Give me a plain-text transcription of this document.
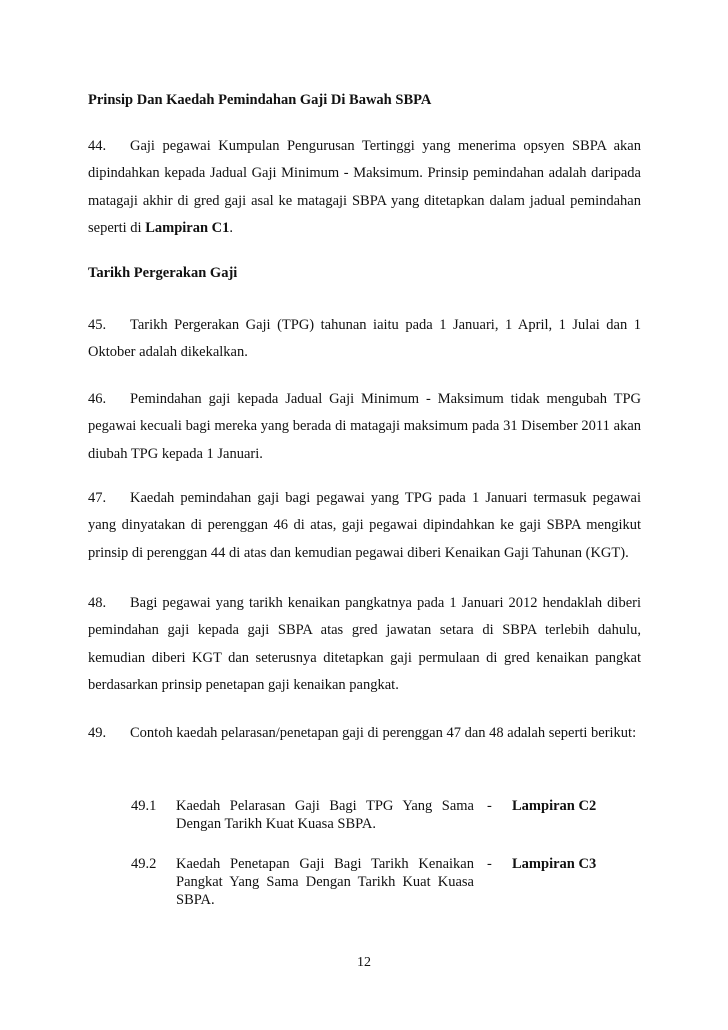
Prinsip Dan Kaedah Pemindahan Gaji Di Bawah SBPA

44. Gaji pegawai Kumpulan Pengurusan Tertinggi yang menerima opsyen SBPA akan dipindahkan kepada Jadual Gaji Minimum - Maksimum. Prinsip pemindahan adalah daripada matagaji akhir di gred gaji asal ke matagaji SBPA yang ditetapkan dalam jadual pemindahan seperti di Lampiran C1.

Tarikh Pergerakan Gaji

45. Tarikh Pergerakan Gaji (TPG) tahunan iaitu pada 1 Januari, 1 April, 1 Julai dan 1 Oktober adalah dikekalkan.

46. Pemindahan gaji kepada Jadual Gaji Minimum - Maksimum tidak mengubah TPG pegawai kecuali bagi mereka yang berada di matagaji maksimum pada 31 Disember 2011 akan diubah TPG kepada 1 Januari.

47. Kaedah pemindahan gaji bagi pegawai yang TPG pada 1 Januari termasuk pegawai yang dinyatakan di perenggan 46 di atas, gaji pegawai dipindahkan ke gaji SBPA mengikut prinsip di perenggan 44 di atas dan kemudian pegawai diberi Kenaikan Gaji Tahunan (KGT).

48. Bagi pegawai yang tarikh kenaikan pangkatnya pada 1 Januari 2012 hendaklah diberi pemindahan gaji kepada gaji SBPA atas gred jawatan setara di SBPA terlebih dahulu, kemudian diberi KGT dan seterusnya ditetapkan gaji permulaan di gred kenaikan pangkat berdasarkan prinsip penetapan gaji kenaikan pangkat.

49. Contoh kaedah pelarasan/penetapan gaji di perenggan 47 dan 48 adalah seperti berikut:

49.1 Kaedah Pelarasan Gaji Bagi TPG Yang Sama Dengan Tarikh Kuat Kuasa SBPA.
- Lampiran C2
49.2 Kaedah Penetapan Gaji Bagi Tarikh Kenaikan Pangkat Yang Sama Dengan Tarikh Kuat Kuasa SBPA.
- Lampiran C3
12
